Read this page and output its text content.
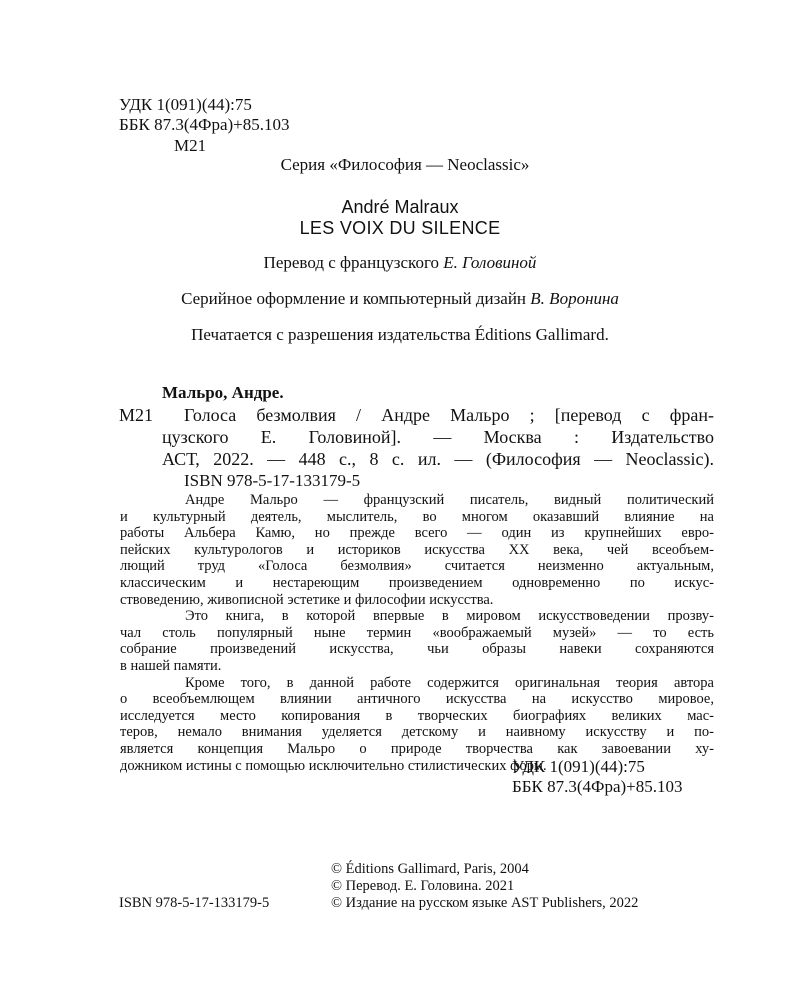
УДК 1(091)(44):75
ББК 87.3(4Фра)+85.103
М21
Серия «Философия — Neoclassic»
André Malraux
LES VOIX DU SILENCE
Перевод с французского Е. Головиной
Серийное оформление и компьютерный дизайн В. Воронина
Печатается с разрешения издательства Éditions Gallimard.
Мальро, Андре.
М21 Голоса безмолвия / Андре Мальро ; [перевод с фран-
цузского Е. Головиной]. — Москва : Издательство
АСТ, 2022. — 448 с., 8 с. ил. — (Философия — Neoclassic).
ISBN 978-5-17-133179-5
Андре Мальро — французский писатель, видный политический
и культурный деятель, мыслитель, во многом оказавший влияние на
работы Альбера Камю, но прежде всего — один из крупнейших евро-
пейских культурологов и историков искусства XX века, чей всеобъем-
лющий труд «Голоса безмолвия» считается неизменно актуальным,
классическим и нестареющим произведением одновременно по искус-
ствоведению, живописной эстетике и философии искусства.
Это книга, в которой впервые в мировом искусствоведении прозву-
чал столь популярный ныне термин «воображаемый музей» — то есть
собрание произведений искусства, чьи образы навеки сохраняются
в нашей памяти.
Кроме того, в данной работе содержится оригинальная теория автора
о всеобъемлющем влиянии античного искусства на искусство мировое,
исследуется место копирования в творческих биографиях великих мас-
теров, немало внимания уделяется детскому и наивному искусству и по-
является концепция Мальро о природе творчества как завоевании ху-
дожником истины с помощью исключительно стилистических форм.
УДК 1(091)(44):75
ББК 87.3(4Фра)+85.103
© Éditions Gallimard, Paris, 2004
© Перевод. Е. Головина. 2021
ISBN 978-5-17-133179-5	© Издание на русском языке AST Publishers, 2022
